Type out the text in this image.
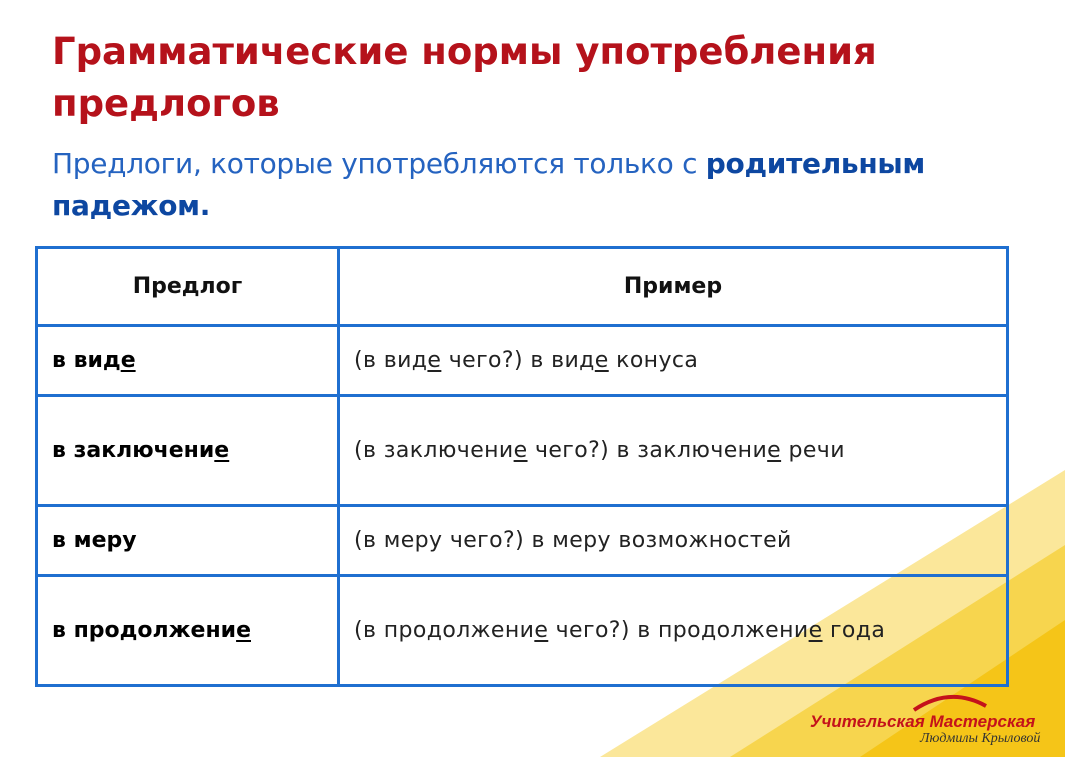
Грамматические нормы употребления предлогов
Предлоги, которые употребляются только с родительным падежом.
Предлог	Пример
в виде	(в виде чего?) в виде конуса
в заключение	(в заключение чего?) в заключение речи
в меру	(в меру чего?) в меру возможностей
в продолжение	(в продолжение чего?) в продолжение года
Учительская Мастерская
Людмилы Крыловой
